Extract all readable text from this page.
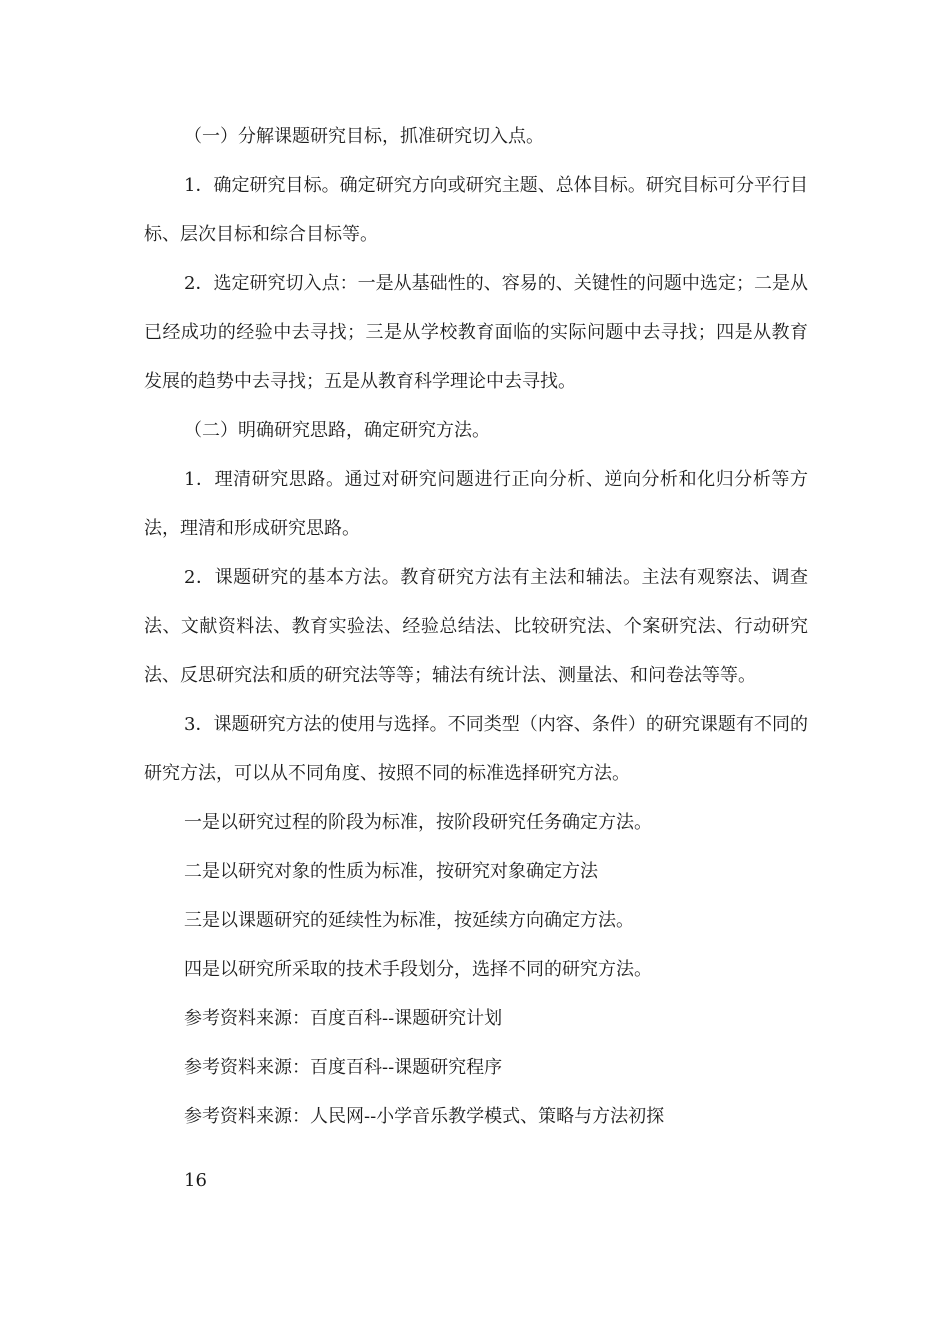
（一）分解课题研究目标，抓准研究切入点。

1．确定研究目标。确定研究方向或研究主题、总体目标。研究目标可分平行目标、层次目标和综合目标等。

2．选定研究切入点：一是从基础性的、容易的、关键性的问题中选定；二是从已经成功的经验中去寻找；三是从学校教育面临的实际问题中去寻找；四是从教育发展的趋势中去寻找；五是从教育科学理论中去寻找。

（二）明确研究思路，确定研究方法。

1．理清研究思路。通过对研究问题进行正向分析、逆向分析和化归分析等方法，理清和形成研究思路。

2．课题研究的基本方法。教育研究方法有主法和辅法。主法有观察法、调查法、文献资料法、教育实验法、经验总结法、比较研究法、个案研究法、行动研究法、反思研究法和质的研究法等等；辅法有统计法、测量法、和问卷法等等。

3．课题研究方法的使用与选择。不同类型（内容、条件）的研究课题有不同的研究方法，可以从不同角度、按照不同的标准选择研究方法。

一是以研究过程的阶段为标准，按阶段研究任务确定方法。

二是以研究对象的性质为标准，按研究对象确定方法

三是以课题研究的延续性为标准，按延续方向确定方法。

四是以研究所采取的技术手段划分，选择不同的研究方法。

参考资料来源：百度百科--课题研究计划

参考资料来源：百度百科--课题研究程序

参考资料来源：人民网--小学音乐教学模式、策略与方法初探

16
